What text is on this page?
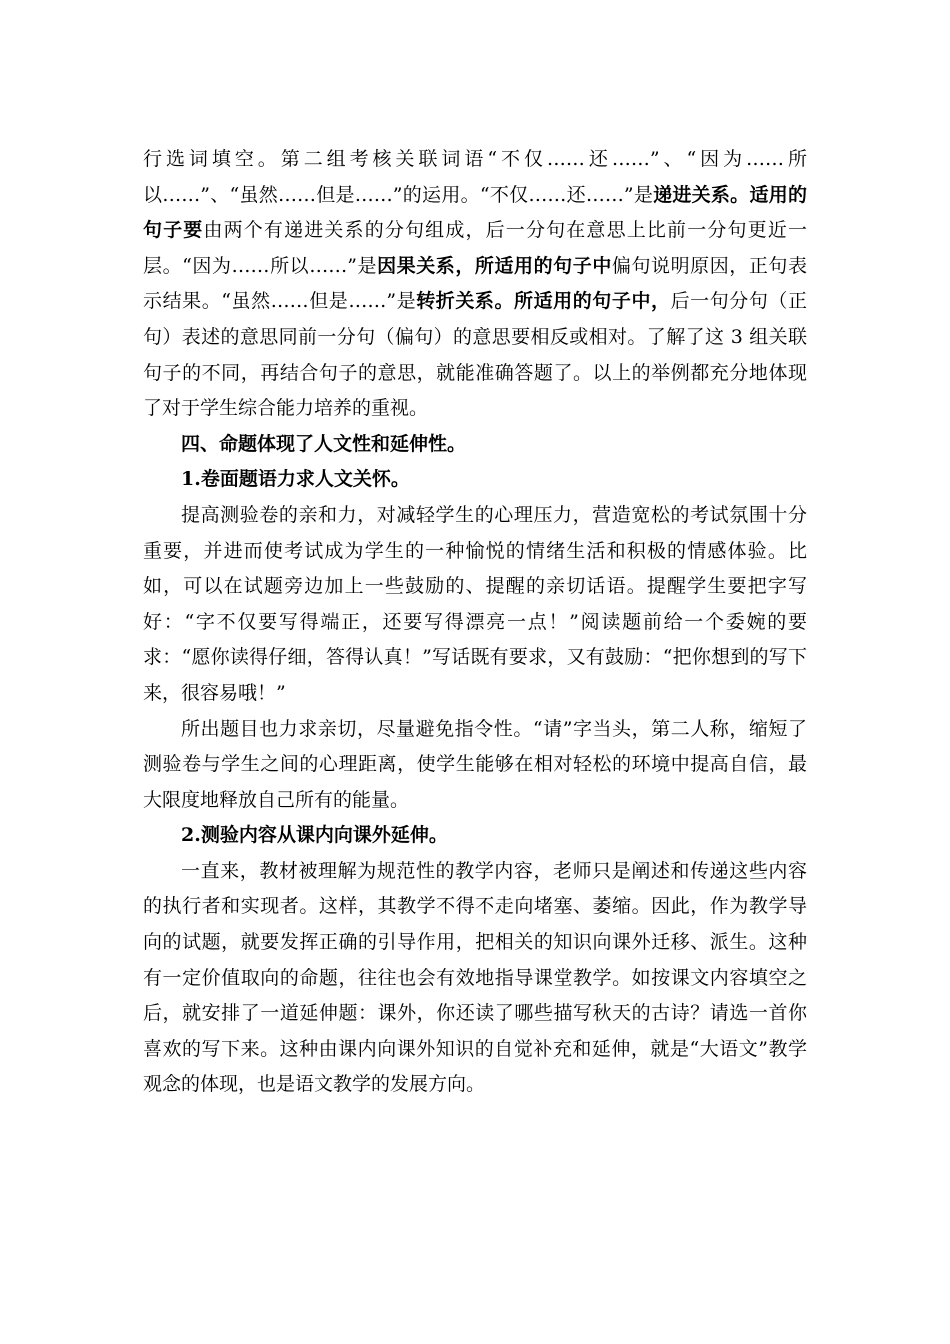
行选词填空。第二组考核关联词语“不仅……还……”、“因为……所以……”、“虽然……但是……”的运用。“不仅……还……”是递进关系。适用的句子要由两个有递进关系的分句组成，后一分句在意思上比前一分句更近一层。“因为……所以……”是因果关系，所适用的句子中偏句说明原因，正句表示结果。“虽然……但是……”是转折关系。所适用的句子中，后一句分句（正句）表述的意思同前一分句（偏句）的意思要相反或相对。了解了这 3 组关联句子的不同，再结合句子的意思，就能准确答题了。以上的举例都充分地体现了对于学生综合能力培养的重视。

四、命题体现了人文性和延伸性。

1.卷面题语力求人文关怀。

提高测验卷的亲和力，对减轻学生的心理压力，营造宽松的考试氛围十分重要，并进而使考试成为学生的一种愉悦的情绪生活和积极的情感体验。比如，可以在试题旁边加上一些鼓励的、提醒的亲切话语。提醒学生要把字写好：“字不仅要写得端正，还要写得漂亮一点！”阅读题前给一个委婉的要求：“愿你读得仔细，答得认真！”写话既有要求，又有鼓励：“把你想到的写下来，很容易哦！”

所出题目也力求亲切，尽量避免指令性。“请”字当头，第二人称，缩短了测验卷与学生之间的心理距离，使学生能够在相对轻松的环境中提高自信，最大限度地释放自己所有的能量。

2.测验内容从课内向课外延伸。

一直来，教材被理解为规范性的教学内容，老师只是阐述和传递这些内容的执行者和实现者。这样，其教学不得不走向堵塞、萎缩。因此，作为教学导向的试题，就要发挥正确的引导作用，把相关的知识向课外迁移、派生。这种有一定价值取向的命题，往往也会有效地指导课堂教学。如按课文内容填空之后，就安排了一道延伸题：课外，你还读了哪些描写秋天的古诗？请选一首你喜欢的写下来。这种由课内向课外知识的自觉补充和延伸，就是“大语文”教学观念的体现，也是语文教学的发展方向。
